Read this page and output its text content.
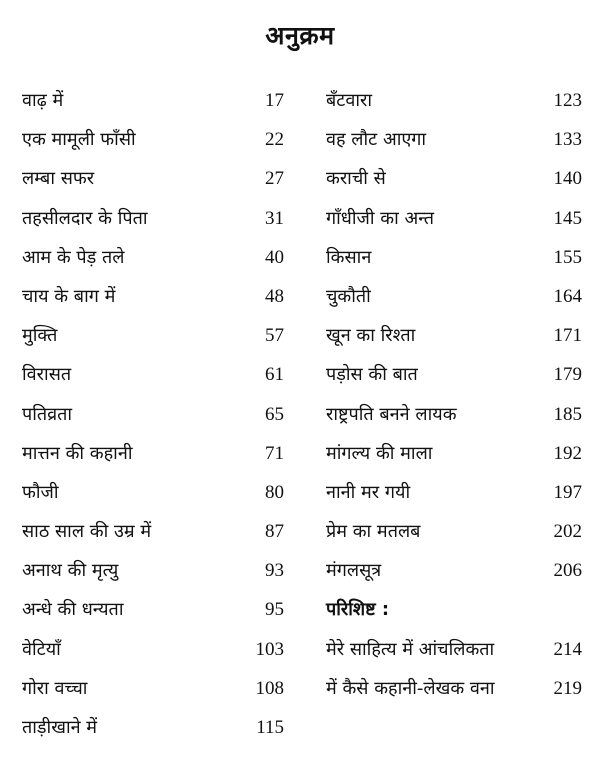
अनुक्रम
वाढ़ में	17
एक मामूली फाँसी	22
लम्बा सफर	27
तहसीलदार के पिता	31
आम के पेड़ तले	40
चाय के बाग में	48
मुक्ति	57
विरासत	61
पतिव्रता	65
मात्तन की कहानी	71
फौजी	80
साठ साल की उम्र में	87
अनाथ की मृत्यु	93
अन्धे की धन्यता	95
वेटियाँ	103
गोरा वच्चा	108
ताड़ीखाने में	115
बँटवारा	123
वह लौट आएगा	133
कराची से	140
गाँधीजी का अन्त	145
किसान	155
चुकौती	164
खून का रिश्ता	171
पड़ोस की बात	179
राष्ट्रपति बनने लायक	185
मांगल्य की माला	192
नानी मर गयी	197
प्रेम का मतलब	202
मंगलसूत्र	206
परिशिष्ट :
मेरे साहित्य में आंचलिकता	214
में कैसे कहानी-लेखक वना	219
